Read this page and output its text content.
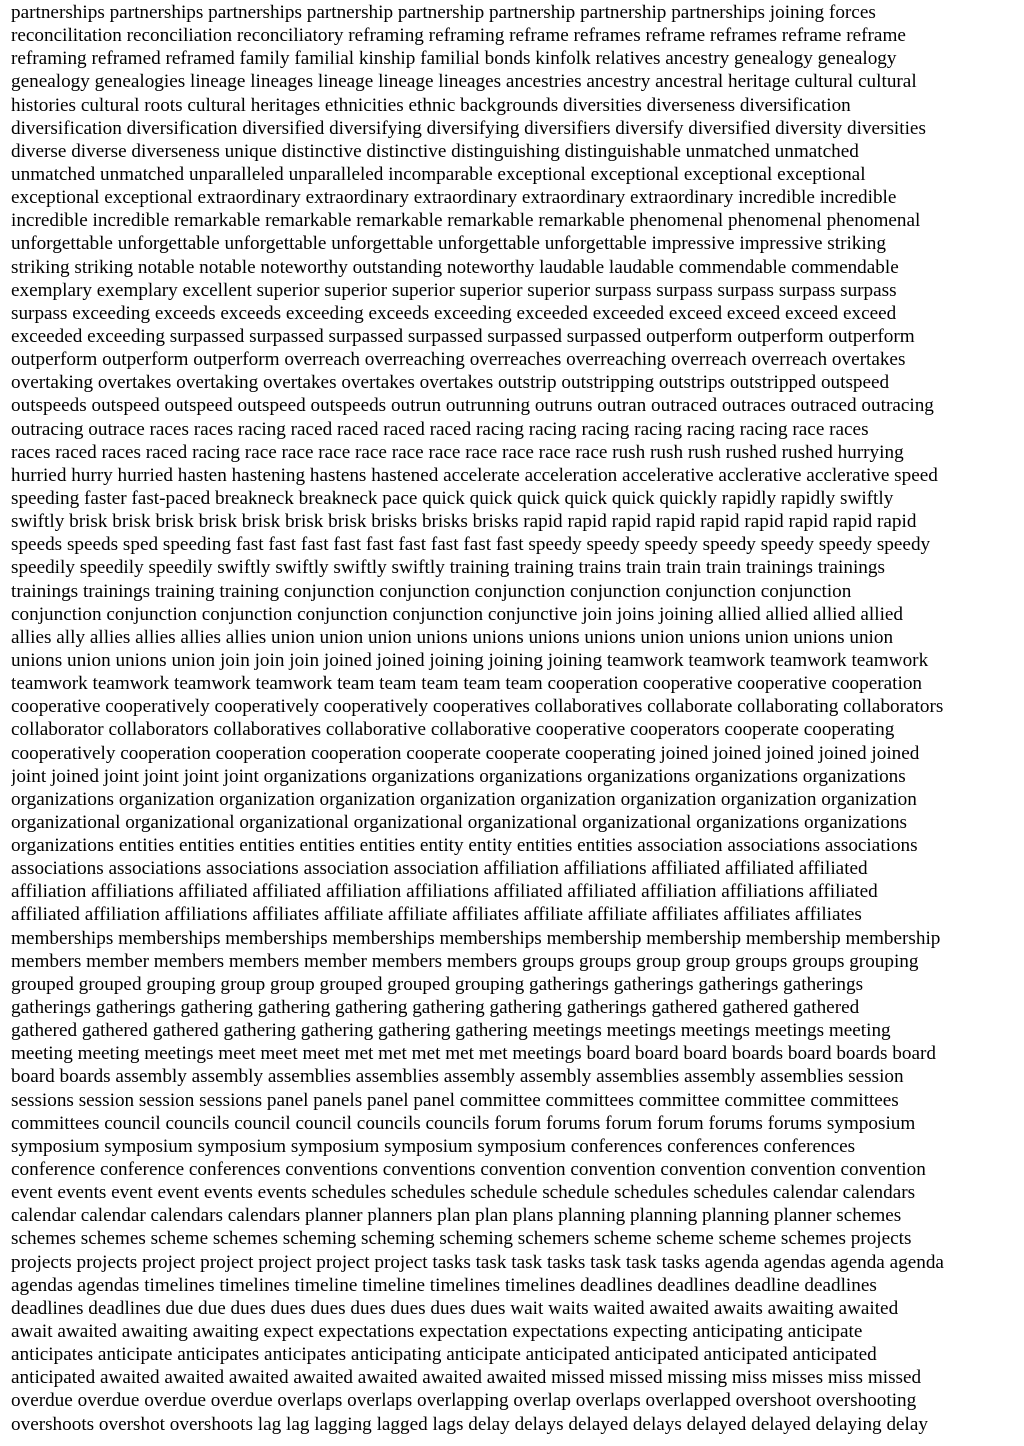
partnerships partnerships partnerships partnership partnership partnership partnership partnerships joining forces
reconcilitation reconciliation reconciliatory reframing reframing reframe reframes reframe reframes reframe reframe
reframing reframed reframed family familial kinship familial bonds kinfolk relatives ancestry genealogy genealogy
genealogy genealogies lineage lineages lineage lineage lineages ancestries ancestry ancestral heritage cultural cultural
histories cultural roots cultural heritages ethnicities ethnic backgrounds diversities diverseness diversification
diversification diversification diversified diversifying diversifying diversifiers diversify diversified diversity diversities
diverse diverse diverseness unique distinctive distinctive distinguishing distinguishable unmatched unmatched
unmatched unmatched unparalleled unparalleled incomparable exceptional exceptional exceptional exceptional
exceptional exceptional extraordinary extraordinary extraordinary extraordinary extraordinary incredible incredible
incredible incredible remarkable remarkable remarkable remarkable remarkable phenomenal phenomenal phenomenal
unforgettable unforgettable unforgettable unforgettable unforgettable unforgettable impressive impressive striking
striking striking notable notable noteworthy outstanding noteworthy laudable laudable commendable commendable
exemplary exemplary excellent superior superior superior superior superior surpass surpass surpass surpass surpass
surpass exceeding exceeds exceeds exceeding exceeds exceeding exceeded exceeded exceed exceed exceed exceed
exceeded exceeding surpassed surpassed surpassed surpassed surpassed surpassed outperform outperform outperform
outperform outperform outperform overreach overreaching overreaches overreaching overreach overreach overtakes
overtaking overtakes overtaking overtakes overtakes overtakes outstrip outstripping outstrips outstripped outspeed
outspeeds outspeed outspeed outspeed outspeeds outrun outrunning outruns outran outraced outraces outraced outracing
outracing outrace races races racing raced raced raced raced racing racing racing racing racing racing race races
races raced races raced racing race race race race race race race race race race rush rush rush rushed rushed hurrying
hurried hurry hurried hasten hastening hastens hastened accelerate acceleration accelerative acclerative acclerative speed
speeding faster fast-paced breakneck breakneck pace quick quick quick quick quick quickly rapidly rapidly swiftly
swiftly brisk brisk brisk brisk brisk brisk brisk brisks brisks brisks rapid rapid rapid rapid rapid rapid rapid rapid rapid
speeds speeds sped speeding fast fast fast fast fast fast fast fast fast speedy speedy speedy speedy speedy speedy speedy
speedily speedily speedily swiftly swiftly swiftly swiftly training training trains train train train trainings trainings
trainings trainings training training conjunction conjunction conjunction conjunction conjunction conjunction
conjunction conjunction conjunction conjunction conjunction conjunctive join joins joining allied allied allied allied
allies ally allies allies allies allies union union union unions unions unions unions union unions union unions union
unions union unions union join join join joined joined joining joining joining teamwork teamwork teamwork teamwork
teamwork teamwork teamwork teamwork team team team team team cooperation cooperative cooperative cooperation
cooperative cooperatively cooperatively cooperatively cooperatives collaboratives collaborate collaborating collaborators
collaborator collaborators collaboratives collaborative collaborative cooperative cooperators cooperate cooperating
cooperatively cooperation cooperation cooperation cooperate cooperate cooperating joined joined joined joined joined
joint joined joint joint joint joint organizations organizations organizations organizations organizations organizations
organizations organization organization organization organization organization organization organization organization
organizational organizational organizational organizational organizational organizational organizations organizations
organizations entities entities entities entities entities entity entity entities entities association associations associations
associations associations associations association association affiliation affiliations affiliated affiliated affiliated
affiliation affiliations affiliated affiliated affiliation affiliations affiliated affiliated affiliation affiliations affiliated
affiliated affiliation affiliations affiliates affiliate affiliate affiliates affiliate affiliate affiliates affiliates affiliates
memberships memberships memberships memberships memberships membership membership membership membership
members member members members member members members groups groups group group groups groups grouping
grouped grouped grouping group group grouped grouped grouping gatherings gatherings gatherings gatherings
gatherings gatherings gathering gathering gathering gathering gathering gatherings gathered gathered gathered
gathered gathered gathered gathering gathering gathering gathering meetings meetings meetings meetings meeting
meeting meeting meetings meet meet meet met met met met met meetings board board board boards board boards board
board boards assembly assembly assemblies assemblies assembly assembly assemblies assembly assemblies session
sessions session session sessions panel panels panel panel committee committees committee committee committees
committees council councils council council councils councils forum forums forum forum forums forums symposium
symposium symposium symposium symposium symposium symposium conferences conferences conferences
conference conference conferences conventions conventions convention convention convention convention convention
event events event event events events schedules schedules schedule schedule schedules schedules calendar calendars
calendar calendar calendars calendars planner planners plan plan plans planning planning planning planner schemes
schemes schemes scheme schemes scheming scheming scheming schemers scheme scheme scheme schemes projects
projects projects project project project project project tasks task task tasks task task tasks agenda agendas agenda agenda
agendas agendas timelines timelines timeline timeline timelines timelines deadlines deadlines deadline deadlines
deadlines deadlines due due dues dues dues dues dues dues dues wait waits waited awaited awaits awaiting awaited
await awaited awaiting awaiting expect expectations expectation expectations expecting anticipating anticipate
anticipates anticipate anticipates anticipates anticipating anticipate anticipated anticipated anticipated anticipated
anticipated awaited awaited awaited awaited awaited awaited awaited missed missed missing miss misses miss missed
overdue overdue overdue overdue overlaps overlaps overlapping overlap overlaps overlapped overshoot overshooting
overshoots overshot overshoots lag lag lagging lagged lags delay delays delayed delays delayed delayed delaying delay
